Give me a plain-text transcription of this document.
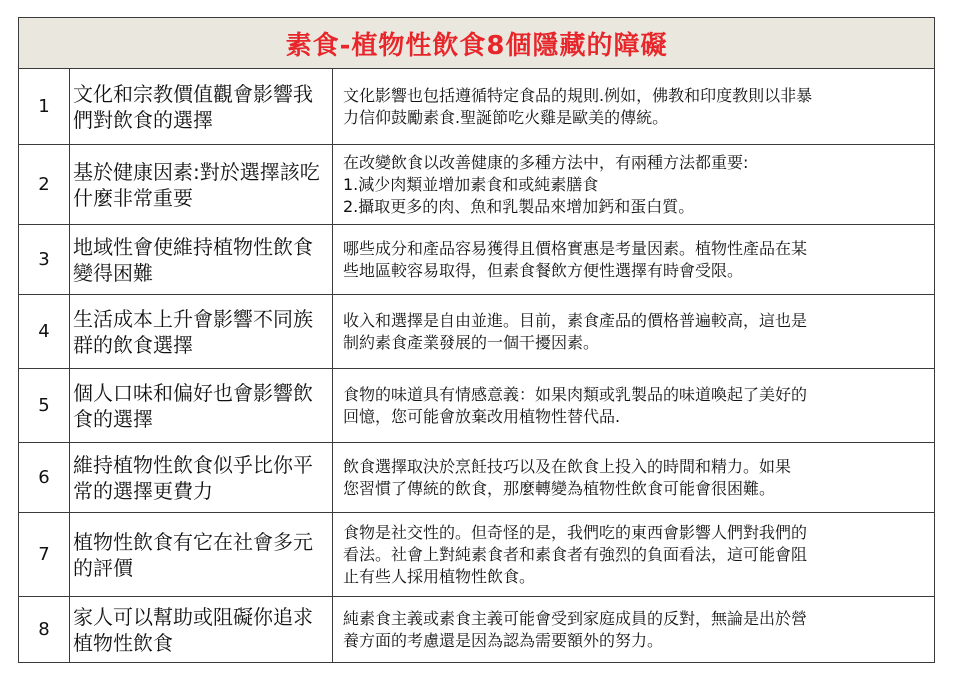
素食-植物性飲食8個隱藏的障礙		
1	文化和宗教價值觀會影響我們對飲食的選擇	文化影響也包括遵循特定食品的規則.例如，佛教和印度教則以非暴
力信仰鼓勵素食.聖誕節吃火雞是歐美的傳統。

2	基於健康因素:對於選擇該吃什麼非常重要	在改變飲食以改善健康的多種方法中，有兩種方法都重要:
1.減少肉類並增加素食和或純素膳食
2.攝取更多的肉、魚和乳製品來增加鈣和蛋白質。

3	地域性會使維持植物性飲食變得困難	哪些成分和產品容易獲得且價格實惠是考量因素。植物性產品在某
些地區較容易取得，但素食餐飲方便性選擇有時會受限。

4	生活成本上升會影響不同族群的飲食選擇	收入和選擇是自由並進。目前，素食產品的價格普遍較高，這也是
制約素食產業發展的一個干擾因素。

5	個人口味和偏好也會影響飲食的選擇	食物的味道具有情感意義：如果肉類或乳製品的味道喚起了美好的
回憶，您可能會放棄改用植物性替代品.

6	維持植物性飲食似乎比你平常的選擇更費力	飲食選擇取決於烹飪技巧以及在飲食上投入的時間和精力。如果
您習慣了傳統的飲食，那麼轉變為植物性飲食可能會很困難。

7	植物性飲食有它在社會多元的評價	食物是社交性的。但奇怪的是，我們吃的東西會影響人們對我們的
看法。社會上對純素食者和素食者有強烈的負面看法，這可能會阻
止有些人採用植物性飲食。

8	家人可以幫助或阻礙你追求植物性飲食	純素食主義或素食主義可能會受到家庭成員的反對，無論是出於營
養方面的考慮還是因為認為需要額外的努力。
